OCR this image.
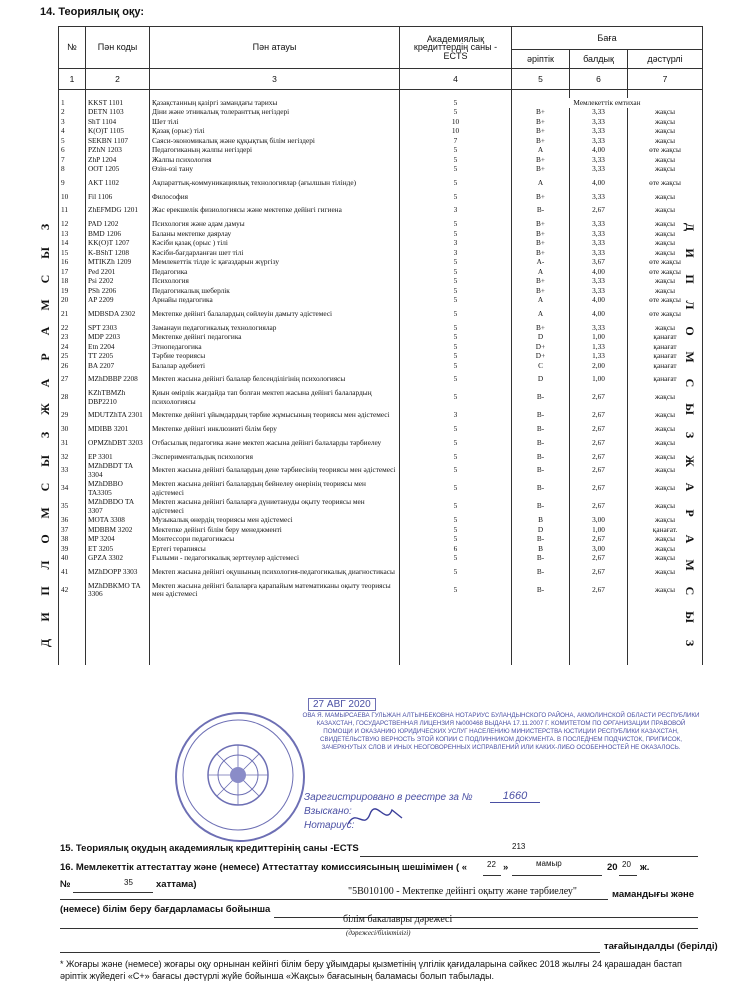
14. Теориялық оқу:
№	Пән коды	Пән атауы	Академиялық кредиттердің саны - ECTS	Баға		
				әріптік	балдық	дәстүрлі
1	2	3	4	5	6	7

1	KKST 1101	Қазақстанның қазіргі замандағы тарихы	5	Мемлекеттік емтихан		
2	DETN 1103	Діни және этникалық толеранттық негіздері	5	B+	3,33	жақсы
3	ShT 1104	Шет тілі	10	B+	3,33	жақсы
4	K(O)T 1105	Қазақ (орыс) тілі	10	B+	3,33	жақсы
5	SEKBN 1107	Саяси-экономикалық және құқықтық білім негіздері	7	B+	3,33	жақсы
6	PZhN 1203	Педагогиканың жалпы негіздері	5	A	4,00	өте жақсы
7	ZhP 1204	Жалпы психология	5	B+	3,33	жақсы
8	OOT 1205	Өзін-өзі тану	5	B+	3,33	жақсы
9	AKT 1102	Ақпараттық-коммуникациялық технологиялар (ағылшын тілінде)	5	A	4,00	өте жақсы
10	Fil 1106	Философия	5	B+	3,33	жақсы
11	ZhEFMDG 1201	Жас ерекшелік физиологиясы және мектепке дейінгі гигиена	3	B-	2,67	жақсы
12	PAD 1202	Психология және адам дамуы	5	B+	3,33	жақсы
13	BMD 1206	Баланы мектепке даярлау	5	B+	3,33	жақсы
14	KK(O)T 1207	Кәсіби қазақ (орыс ) тілі	3	B+	3,33	жақсы
15	K-BShT 1208	Кәсіби-бағдарланған шет тілі	3	B+	3,33	жақсы
16	MTIKZh 1209	Мемлекеттік тілде іс қағаздарын жүргізу	5	A-	3,67	өте жақсы
17	Ped 2201	Педагогика	5	A	4,00	өте жақсы
18	Psi 2202	Психология	5	B+	3,33	жақсы
19	PSh 2206	Педагогикалық шеберлік	5	B+	3,33	жақсы
20	AP 2209	Арнайы педагогика	5	A	4,00	өте жақсы
21	MDBSDA 2302	Мектепке дейінгі балалардың сөйлеуін дамыту әдістемесі	5	A	4,00	өте жақсы
22	SPT 2303	Заманауи педагогикалық технологиялар	5	B+	3,33	жақсы
23	MDP 2203	Мектепке дейінгі педагогика	5	D	1,00	қанағат
24	Etn 2204	Этнопедагогика	5	D+	1,33	қанағат
25	TT 2205	Тәрбие теориясы	5	D+	1,33	қанағат
26	BA 2207	Балалар әдебиеті	5	C	2,00	қанағат
27	MZhDBBP 2208	Мектеп жасына дейінгі балалар белсенділігінің психологиясы	5	D	1,00	қанағат
28	KZhTBMZh DBP2210	Қиын өмірлік жағдайда тап болған мектеп жасына дейінгі балалардың психологиясы	5	B-	2,67	жақсы
29	MDUTZhTA 2301	Мектепке дейінгі ұйымдардың тәрбие жұмысының теориясы мен әдістемесі	3	B-	2,67	жақсы
30	MDIBB 3201	Мектепке дейінгі инклюзивті білім беру	5	B-	2,67	жақсы
31	OPMZhDBT 3203	Отбасылық педагогика және мектеп жасына дейінгі балаларды тәрбиелеу	5	B-	2,67	жақсы
32	EP 3301	Экспериментальдық психология	5	B-	2,67	жақсы
33	MZhDBDT TA 3304	Мектеп жасына дейінгі балалардың дене тәрбиесінің теориясы мен әдістемесі	5	B-	2,67	жақсы
34	MZhDBBO TA3305	Мектеп жасына дейінгі балалардың бейнелеу өнерінің теориясы мен әдістемесі	5	B-	2,67	жақсы
35	MZhDBDO TA 3307	Мектеп жасына дейінгі балаларға дүниетануды оқыту теориясы мен әдістемесі	5	B-	2,67	жақсы
36	MOTA 3308	Музыкалық өнердің теориясы мен әдістемесі	5	B	3,00	жақсы
37	MDBBM 3202	Мектепке дейінгі білім беру менеджменті	5	D	1,00	қанағат.
38	MP 3204	Монтессори педагогикасы	5	B-	2,67	жақсы
39	ET 3205	Ертегі терапиясы	6	B	3,00	жақсы
40	GPZA 3302	Ғылыми - педагогикалық зерттеулер әдістемесі	5	B-	2,67	жақсы
41	MZhDOPP 3303	Мектеп жасына дейінгі оқушының психология-педагогикалық диагностикасы	5	B-	2,67	жақсы
42	MZhDBKMO TA 3306	Мектеп жасына дейінгі балаларға қарапайым математиканы оқыту теориясы мен әдістемесі	5	B-	2,67	жақсы

Д
И
П
Л
О
М
С
Ы
З
Ж
А
Р
А
М
С
Ы
З	Д
И
П
Л
О
М
С
Ы
З
Ж
А
Р
А
М
С
Ы
З
27 АВГ 2020
ОВА Я. МАМЫРСАЕВА ГУЛЬЖАН АЛТЫНБЕКОВНА НОТАРИУС БУЛАНДЫНСКОГО РАЙОНА, АКМОЛИНСКОЙ ОБЛАСТИ РЕСПУБЛИКИ КАЗАХСТАН, ГОСУДАРСТВЕННАЯ ЛИЦЕНЗИЯ №000468 ВЫДАНА 17.11.2007 Г. КОМИТЕТОМ ПО ОРГАНИЗАЦИИ ПРАВОВОЙ ПОМОЩИ И ОКАЗАНИЮ ЮРИДИЧЕСКИХ УСЛУГ НАСЕЛЕНИЮ МИНИСТЕРСТВА ЮСТИЦИИ РЕСПУБЛИКИ КАЗАХСТАН, СВИДЕТЕЛЬСТВУЮ ВЕРНОСТЬ ЭТОЙ КОПИИ С ПОДЛИННИКОМ ДОКУМЕНТА. В ПОСЛЕДНЕМ ПОДЧИСТОК, ПРИПИСОК, ЗАЧЕРКНУТЫХ СЛОВ И ИНЫХ НЕОГОВОРЕННЫХ ИСПРАВЛЕНИЙ ИЛИ КАКИХ-ЛИБО ОСОБЕННОСТЕЙ НЕ ОКАЗАЛОСЬ.
Зарегистрировано в реестре за №	1660
Взыскано:
Нотариус:
15. Теориялық оқудың академиялық кредиттерінің саны -ECTS	213
16. Мемлекеттік аттестаттау және (немесе) Аттестаттау комиссиясының шешімімен ( « 22 »	мамыр	20 20 ж.
№	35 хаттама)
"5B010100 - Мектепке дейінгі оқыту және тәрбиелеу"	мамандығы және
(немесе) білім беру бағдарламасы бойынша
білім бакалавры дәрежесі
(дәрежесі/біліктілігі)
тағайындалды (берілді)
* Жоғары және (немесе) жоғары оқу орнынан кейінгі білім беру ұйымдары қызметінің үлгілік қағидаларына сәйкес 2018 жылғы 24 қарашадан бастап әріптік жүйедегі «C+» бағасы дәстүрлі жүйе бойынша «Жақсы» бағасының баламасы болып табылады.
